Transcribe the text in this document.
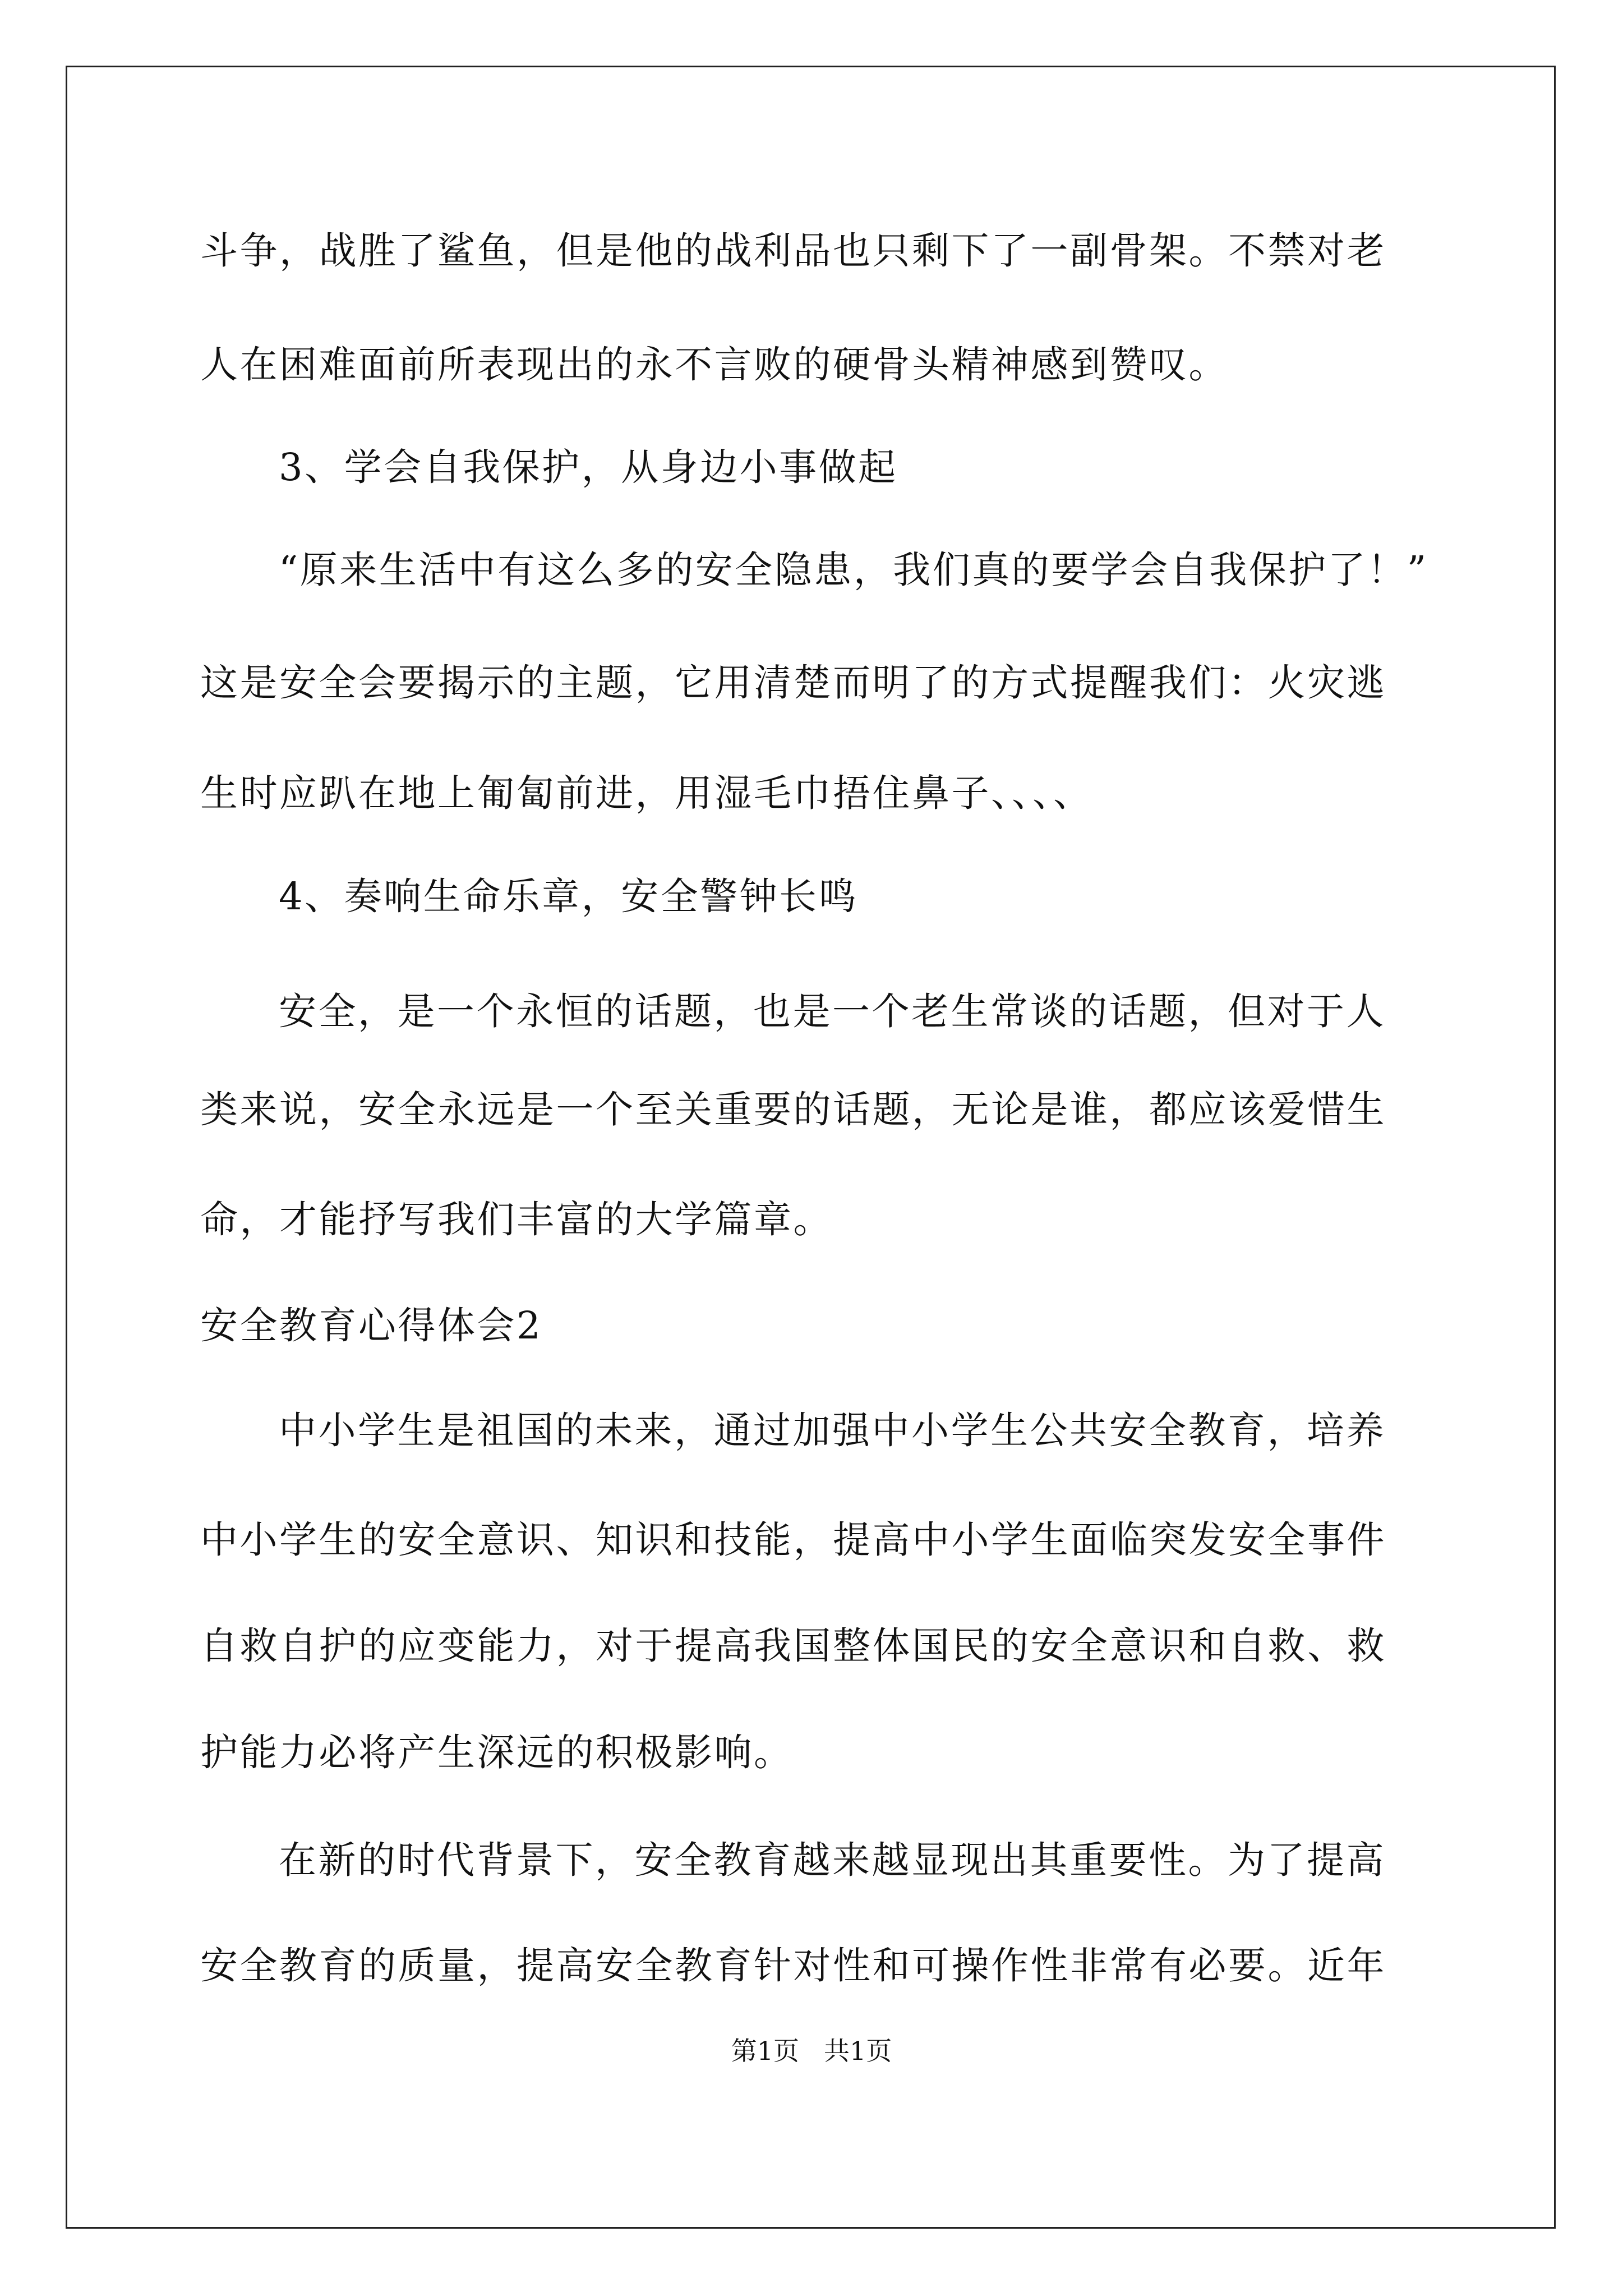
斗争，战胜了鲨鱼，但是他的战利品也只剩下了一副骨架。不禁对老
人在困难面前所表现出的永不言败的硬骨头精神感到赞叹。
3、学会自我保护，从身边小事做起
“原来生活中有这么多的安全隐患，我们真的要学会自我保护了！”
这是安全会要揭示的主题，它用清楚而明了的方式提醒我们：火灾逃
生时应趴在地上匍匐前进，用湿毛巾捂住鼻子、、、、
4、奏响生命乐章，安全警钟长鸣
安全，是一个永恒的话题，也是一个老生常谈的话题，但对于人
类来说，安全永远是一个至关重要的话题，无论是谁，都应该爱惜生
命，才能抒写我们丰富的大学篇章。
安全教育心得体会2
中小学生是祖国的未来，通过加强中小学生公共安全教育，培养
中小学生的安全意识、知识和技能，提高中小学生面临突发安全事件
自救自护的应变能力，对于提高我国整体国民的安全意识和自救、救
护能力必将产生深远的积极影响。
在新的时代背景下，安全教育越来越显现出其重要性。为了提高
安全教育的质量，提高安全教育针对性和可操作性非常有必要。近年
第1页 共1页
